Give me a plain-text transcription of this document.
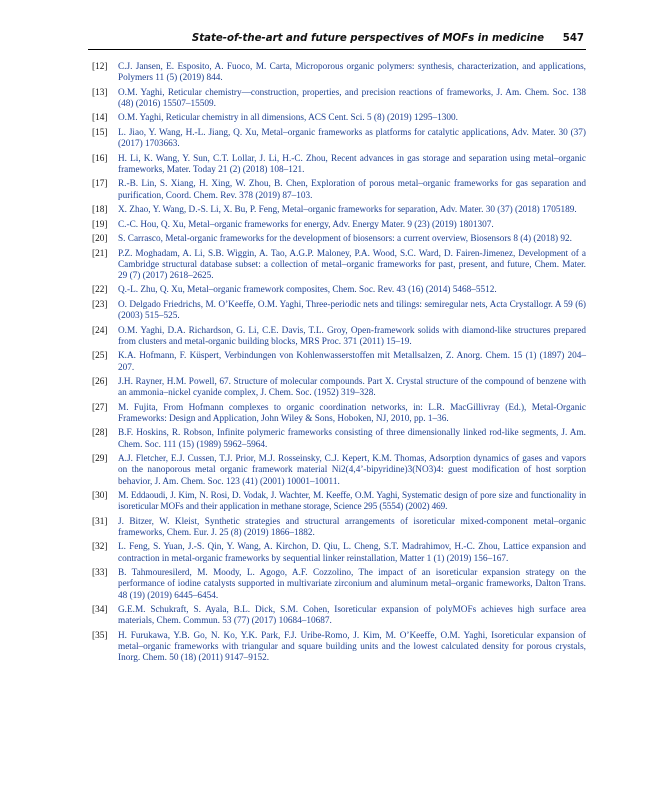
State-of-the-art and future perspectives of MOFs in medicine 547
[12] C.J. Jansen, E. Esposito, A. Fuoco, M. Carta, Microporous organic polymers: synthesis, characterization, and applications, Polymers 11 (5) (2019) 844.
[13] O.M. Yaghi, Reticular chemistry—construction, properties, and precision reactions of frameworks, J. Am. Chem. Soc. 138 (48) (2016) 15507–15509.
[14] O.M. Yaghi, Reticular chemistry in all dimensions, ACS Cent. Sci. 5 (8) (2019) 1295–1300.
[15] L. Jiao, Y. Wang, H.-L. Jiang, Q. Xu, Metal–organic frameworks as platforms for catalytic applications, Adv. Mater. 30 (37) (2017) 1703663.
[16] H. Li, K. Wang, Y. Sun, C.T. Lollar, J. Li, H.-C. Zhou, Recent advances in gas storage and separation using metal–organic frameworks, Mater. Today 21 (2) (2018) 108–121.
[17] R.-B. Lin, S. Xiang, H. Xing, W. Zhou, B. Chen, Exploration of porous metal–organic frameworks for gas separation and purification, Coord. Chem. Rev. 378 (2019) 87–103.
[18] X. Zhao, Y. Wang, D.-S. Li, X. Bu, P. Feng, Metal–organic frameworks for separation, Adv. Mater. 30 (37) (2018) 1705189.
[19] C.-C. Hou, Q. Xu, Metal–organic frameworks for energy, Adv. Energy Mater. 9 (23) (2019) 1801307.
[20] S. Carrasco, Metal-organic frameworks for the development of biosensors: a current overview, Biosensors 8 (4) (2018) 92.
[21] P.Z. Moghadam, A. Li, S.B. Wiggin, A. Tao, A.G.P. Maloney, P.A. Wood, S.C. Ward, D. Fairen-Jimenez, Development of a Cambridge structural database subset: a collection of metal–organic frameworks for past, present, and future, Chem. Mater. 29 (7) (2017) 2618–2625.
[22] Q.-L. Zhu, Q. Xu, Metal–organic framework composites, Chem. Soc. Rev. 43 (16) (2014) 5468–5512.
[23] O. Delgado Friedrichs, M. O’Keeffe, O.M. Yaghi, Three-periodic nets and tilings: semiregular nets, Acta Crystallogr. A 59 (6) (2003) 515–525.
[24] O.M. Yaghi, D.A. Richardson, G. Li, C.E. Davis, T.L. Groy, Open-framework solids with diamond-like structures prepared from clusters and metal-organic building blocks, MRS Proc. 371 (2011) 15–19.
[25] K.A. Hofmann, F. Küspert, Verbindungen von Kohlenwasserstoffen mit Metallsalzen, Z. Anorg. Chem. 15 (1) (1897) 204–207.
[26] J.H. Rayner, H.M. Powell, 67. Structure of molecular compounds. Part X. Crystal structure of the compound of benzene with an ammonia–nickel cyanide complex, J. Chem. Soc. (1952) 319–328.
[27] M. Fujita, From Hofmann complexes to organic coordination networks, in: L.R. MacGillivray (Ed.), Metal-Organic Frameworks: Design and Application, John Wiley & Sons, Hoboken, NJ, 2010, pp. 1–36.
[28] B.F. Hoskins, R. Robson, Infinite polymeric frameworks consisting of three dimensionally linked rod-like segments, J. Am. Chem. Soc. 111 (15) (1989) 5962–5964.
[29] A.J. Fletcher, E.J. Cussen, T.J. Prior, M.J. Rosseinsky, C.J. Kepert, K.M. Thomas, Adsorption dynamics of gases and vapors on the nanoporous metal organic framework material Ni2(4,4’-bipyridine)3(NO3)4: guest modification of host sorption behavior, J. Am. Chem. Soc. 123 (41) (2001) 10001–10011.
[30] M. Eddaoudi, J. Kim, N. Rosi, D. Vodak, J. Wachter, M. Keeffe, O.M. Yaghi, Systematic design of pore size and functionality in isoreticular MOFs and their application in methane storage, Science 295 (5554) (2002) 469.
[31] J. Bitzer, W. Kleist, Synthetic strategies and structural arrangements of isoreticular mixed-component metal–organic frameworks, Chem. Eur. J. 25 (8) (2019) 1866–1882.
[32] L. Feng, S. Yuan, J.-S. Qin, Y. Wang, A. Kirchon, D. Qiu, L. Cheng, S.T. Madrahimov, H.-C. Zhou, Lattice expansion and contraction in metal-organic frameworks by sequential linker reinstallation, Matter 1 (1) (2019) 156–167.
[33] B. Tahmouresilerd, M. Moody, L. Agogo, A.F. Cozzolino, The impact of an isoreticular expansion strategy on the performance of iodine catalysts supported in multivariate zirconium and aluminum metal–organic frameworks, Dalton Trans. 48 (19) (2019) 6445–6454.
[34] G.E.M. Schukraft, S. Ayala, B.L. Dick, S.M. Cohen, Isoreticular expansion of polyMOFs achieves high surface area materials, Chem. Commun. 53 (77) (2017) 10684–10687.
[35] H. Furukawa, Y.B. Go, N. Ko, Y.K. Park, F.J. Uribe-Romo, J. Kim, M. O’Keeffe, O.M. Yaghi, Isoreticular expansion of metal–organic frameworks with triangular and square building units and the lowest calculated density for porous crystals, Inorg. Chem. 50 (18) (2011) 9147–9152.
